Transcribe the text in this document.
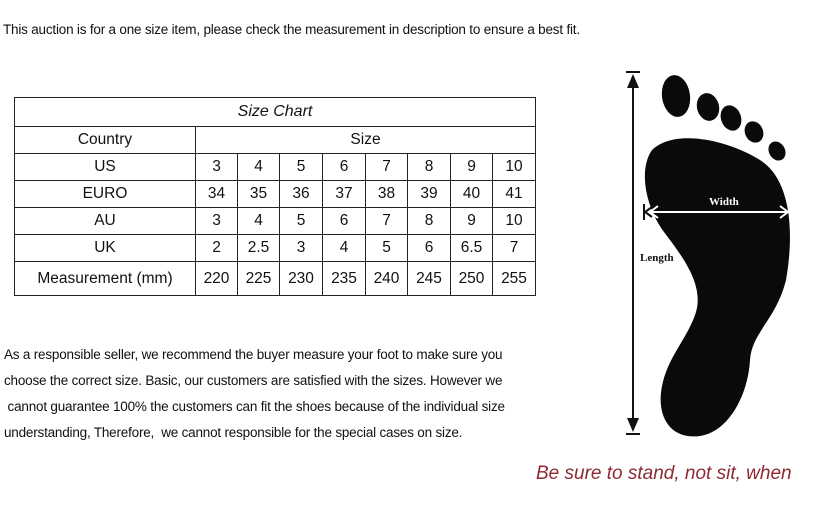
This auction is for a one size item, please check the measurement in description to ensure a best fit.
Size Chart								
Country	Size							
US	3	4	5	6	7	8	9	10
EURO	34	35	36	37	38	39	40	41
AU	3	4	5	6	7	8	9	10
UK	2	2.5	3	4	5	6	6.5	7
Measurement (mm)	220	225	230	235	240	245	250	255
As a responsible seller, we recommend the buyer measure your foot to make sure you
choose the correct size. Basic, our customers are satisfied with the sizes. However we
cannot guarantee 100% the customers can fit the shoes because of the individual size
understanding, Therefore,  we cannot responsible for the special cases on size.
Width
Length
Be sure to stand, not sit, when
